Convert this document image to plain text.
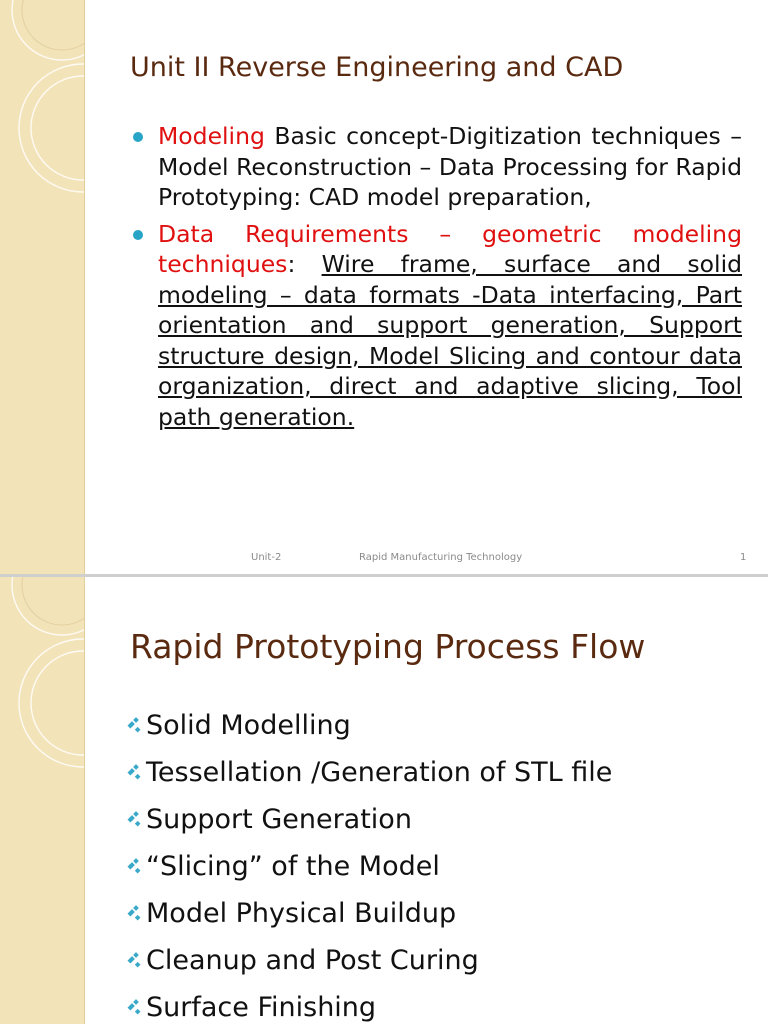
Unit II Reverse Engineering and CAD
Modeling Basic concept-Digitization techniques – Model Reconstruction – Data Processing for Rapid Prototyping: CAD model preparation,
Data Requirements – geometric modeling techniques: Wire frame, surface and solid modeling – data formats -Data interfacing, Part orientation and support generation, Support structure design, Model Slicing and contour data organization, direct and adaptive slicing, Tool path generation.
Unit-2	Rapid Manufacturing Technology	1
Rapid Prototyping Process Flow
Solid Modelling
Tessellation /Generation of STL file
Support Generation
“Slicing” of the Model
Model Physical Buildup
Cleanup and Post Curing
Surface Finishing
